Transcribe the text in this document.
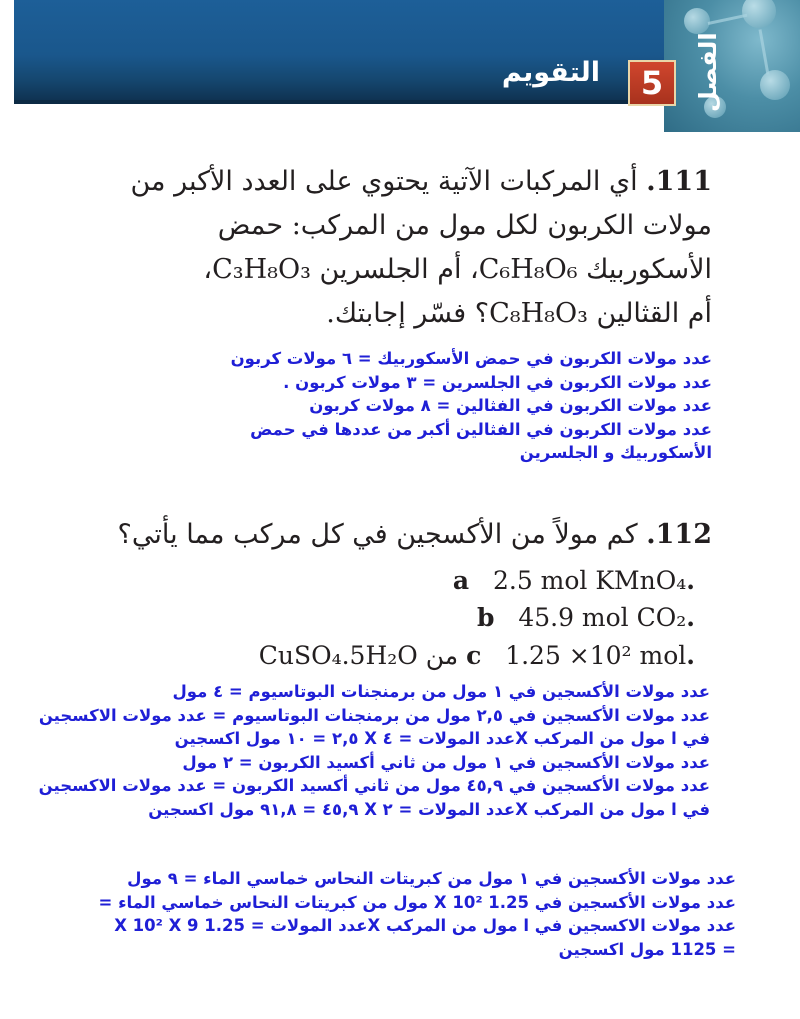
الفصل
5
التقويم
111. أي المركبات الآتية يحتوي على العدد الأكبر من
مولات الكربون لكل مول من المركب: حمض
الأسكوربيك C₆H₈O₆، أم الجلسرين C₃H₈O₃،
أم القثالين C₈H₈O₃؟ فسّر إجابتك.
عدد مولات الكربون في حمض الأسكوربيك = ٦ مولات كربون
عدد مولات الكربون في الجلسرين = ٣ مولات كربون .
عدد مولات الكربون في الفثالين = ٨ مولات كربون
عدد مولات الكربون في الفثالين أكبر من عددها في حمض
الأسكوربيك و الجلسرين
112. كم مولاً من الأكسجين في كل مركب مما يأتي؟
.a   2.5 mol KMnO₄
.b   45.9 mol CO₂
.c   1.25 ×10² mol من CuSO₄.5H₂O
عدد مولات الأكسجين في ١ مول من برمنجنات البوتاسيوم = ٤ مول
عدد مولات الأكسجين في ٢,٥ مول من برمنجنات البوتاسيوم = عدد مولات الاكسجين
في ا مول من المركب Xعدد المولات = ٤ X ٢,٥ = ١٠ مول اكسجين
عدد مولات الأكسجين في ١ مول من ثاني أكسيد الكربون = ٢ مول
عدد مولات الأكسجين في ٤٥,٩ مول من ثاني أكسيد الكربون = عدد مولات الاكسجين
في ا مول من المركب Xعدد المولات = ٢ X ٤٥,٩ = ٩١,٨ مول اكسجين
عدد مولات الأكسجين في ١ مول من كبريتات النحاس خماسي الماء = ٩ مول
عدد مولات الأكسجين في 1.25 X 10² مول من كبريتات النحاس خماسي الماء =
عدد مولات الاكسجين في ا مول من المركب Xعدد المولات = 1.25 X 10² X 9
= 1125 مول اكسجين
